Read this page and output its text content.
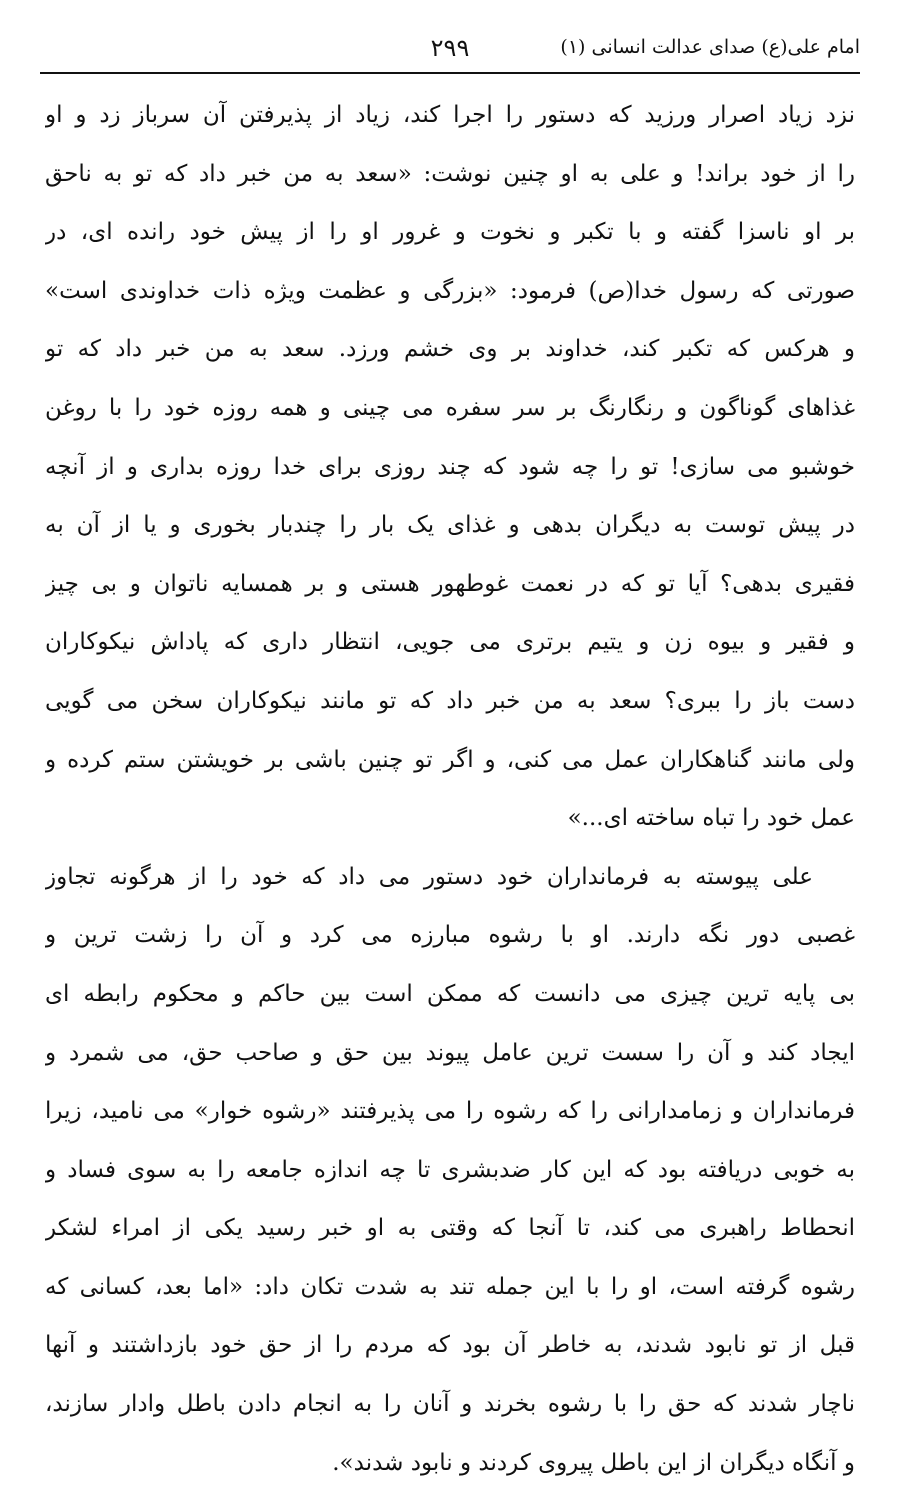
امام علی(ع) صدای عدالت انسانی (۱)
۲۹۹
نزد زیاد اصرار ورزید که دستور را اجرا کند، زیاد از پذیرفتن آن سرباز زد و او
را از خود براند! و علی به او چنین نوشت: «سعد به من خبر داد که تو به ناحق
بر او ناسزا گفته و با تکبر و نخوت و غرور او را از پیش خود رانده ای، در
صورتی که رسول خدا(ص) فرمود: «بزرگی و عظمت ویژه ذات خداوندی است»
و هرکس که تکبر کند، خداوند بر وی خشم ورزد. سعد به من خبر داد که تو
غذاهای گوناگون و رنگارنگ بر سر سفره می چینی و همه روزه خود را با روغن
خوشبو می سازی! تو را چه شود که چند روزی برای خدا روزه بداری و از آنچه
در پیش توست به دیگران بدهی و غذای یک بار را چندبار بخوری و یا از آن به
فقیری بدهی؟ آیا تو که در نعمت غوطهور هستی و بر همسایه ناتوان و بی چیز
و فقیر و بیوه زن و یتیم برتری می جویی، انتظار داری که پاداش نیکوکاران
دست باز را ببری؟ سعد به من خبر داد که تو مانند نیکوکاران سخن می گویی
ولی مانند گناهکاران عمل می کنی، و اگر تو چنین باشی بر خویشتن ستم کرده و
عمل خود را تباه ساخته ای...»
علی پیوسته به فرمانداران خود دستور می داد که خود را از هرگونه تجاوز
غصبی دور نگه دارند. او با رشوه مبارزه می کرد و آن را زشت ترین و
بی پایه ترین چیزی می دانست که ممکن است بین حاکم و محکوم رابطه ای
ایجاد کند و آن را سست ترین عامل پیوند بین حق و صاحب حق، می شمرد و
فرمانداران و زمامدارانی را که رشوه را می پذیرفتند «رشوه خوار» می نامید، زیرا
به خوبی دریافته بود که این کار ضدبشری تا چه اندازه جامعه را به سوی فساد و
انحطاط راهبری می کند، تا آنجا که وقتی به او خبر رسید یکی از امراء لشکر
رشوه گرفته است، او را با این جمله تند به شدت تکان داد: «اما بعد، کسانی که
قبل از تو نابود شدند، به خاطر آن بود که مردم را از حق خود بازداشتند و آنها
ناچار شدند که حق را با رشوه بخرند و آنان را به انجام دادن باطل وادار سازند،
و آنگاه دیگران از این باطل پیروی کردند و نابود شدند».
